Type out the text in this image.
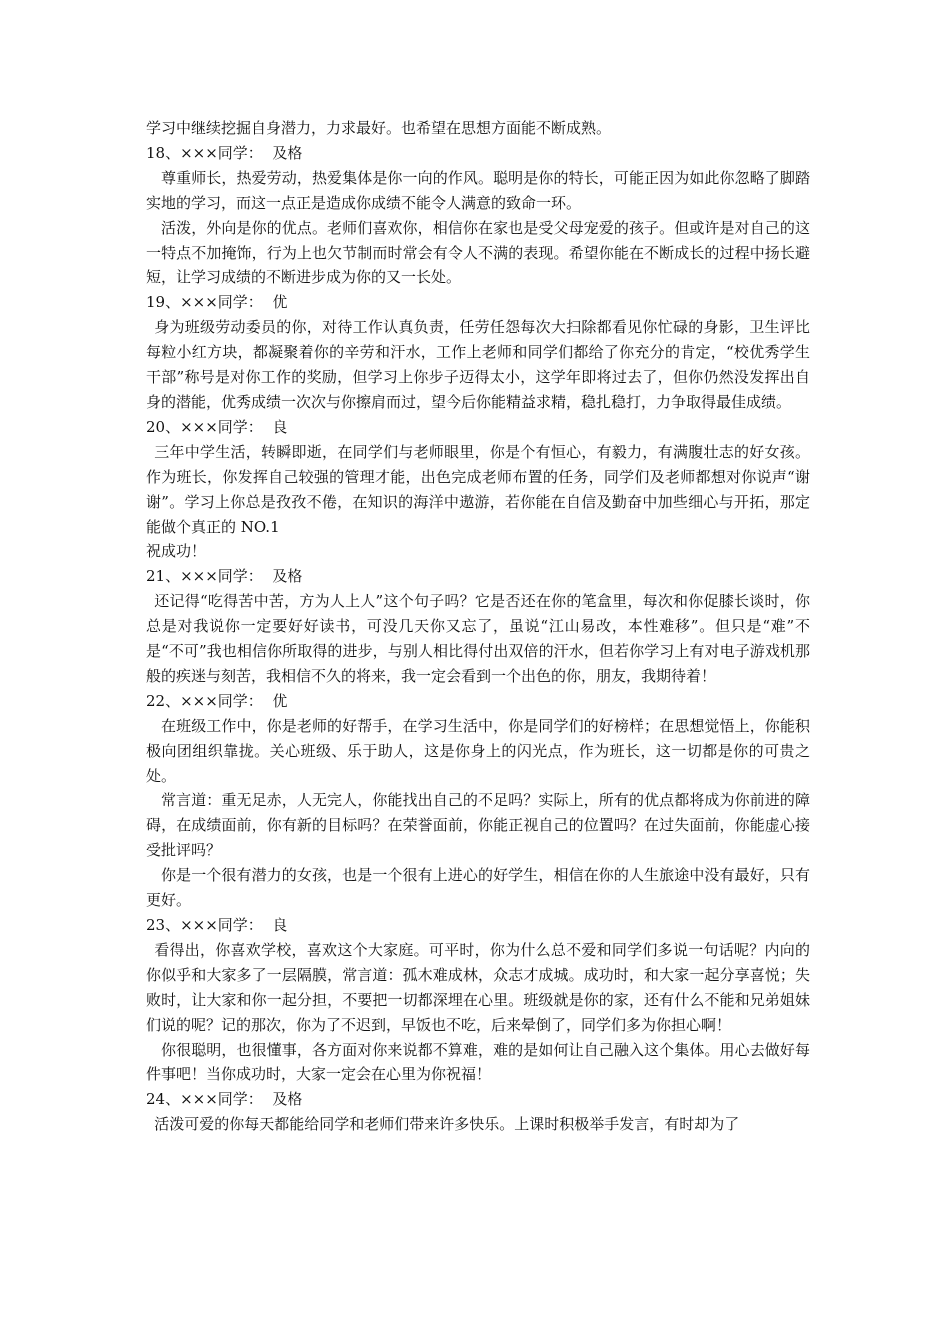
学习中继续挖掘自身潜力，力求最好。也希望在思想方面能不断成熟。

18、×××同学：  及格

尊重师长，热爱劳动，热爱集体是你一向的作风。聪明是你的特长，可能正因为如此你忽略了脚踏实地的学习，而这一点正是造成你成绩不能令人满意的致命一环。

活泼，外向是你的优点。老师们喜欢你，相信你在家也是受父母宠爱的孩子。但或许是对自己的这一特点不加掩饰，行为上也欠节制而时常会有令人不满的表现。希望你能在不断成长的过程中扬长避短，让学习成绩的不断进步成为你的又一长处。

19、×××同学：  优

身为班级劳动委员的你，对待工作认真负责，任劳任怨每次大扫除都看见你忙碌的身影，卫生评比每粒小红方块，都凝聚着你的辛劳和汗水，工作上老师和同学们都给了你充分的肯定，“校优秀学生干部”称号是对你工作的奖励，但学习上你步子迈得太小，这学年即将过去了，但你仍然没发挥出自身的潜能，优秀成绩一次次与你擦肩而过，望今后你能精益求精，稳扎稳打，力争取得最佳成绩。

20、×××同学：  良

三年中学生活，转瞬即逝，在同学们与老师眼里，你是个有恒心，有毅力，有满腹壮志的好女孩。作为班长，你发挥自己较强的管理才能，出色完成老师布置的任务，同学们及老师都想对你说声“谢谢”。学习上你总是孜孜不倦，在知识的海洋中遨游，若你能在自信及勤奋中加些细心与开拓，那定能做个真正的 NO.1

祝成功！

21、×××同学：  及格

还记得“吃得苦中苦，方为人上人”这个句子吗？它是否还在你的笔盒里，每次和你促膝长谈时，你总是对我说你一定要好好读书，可没几天你又忘了，虽说“江山易改，本性难移”。但只是“难”不是“不可”我也相信你所取得的进步，与别人相比得付出双倍的汗水，但若你学习上有对电子游戏机那般的疾迷与刻苦，我相信不久的将来，我一定会看到一个出色的你，朋友，我期待着！

22、×××同学：  优

在班级工作中，你是老师的好帮手，在学习生活中，你是同学们的好榜样；在思想觉悟上，你能积极向团组织靠拢。关心班级、乐于助人，这是你身上的闪光点，作为班长，这一切都是你的可贵之处。

常言道：重无足赤，人无完人，你能找出自己的不足吗？实际上，所有的优点都将成为你前进的障碍，在成绩面前，你有新的目标吗？在荣誉面前，你能正视自己的位置吗？在过失面前，你能虚心接受批评吗？

你是一个很有潜力的女孩，也是一个很有上进心的好学生，相信在你的人生旅途中没有最好，只有更好。

23、×××同学：  良

看得出，你喜欢学校，喜欢这个大家庭。可平时，你为什么总不爱和同学们多说一句话呢？内向的你似乎和大家多了一层隔膜，常言道：孤木难成林，众志才成城。成功时，和大家一起分享喜悦；失败时，让大家和你一起分担，不要把一切都深埋在心里。班级就是你的家，还有什么不能和兄弟姐妹们说的呢？记的那次，你为了不迟到，早饭也不吃，后来晕倒了，同学们多为你担心啊！

你很聪明，也很懂事，各方面对你来说都不算难，难的是如何让自己融入这个集体。用心去做好每件事吧！当你成功时，大家一定会在心里为你祝福！

24、×××同学：  及格

活泼可爱的你每天都能给同学和老师们带来许多快乐。上课时积极举手发言，有时却为了
